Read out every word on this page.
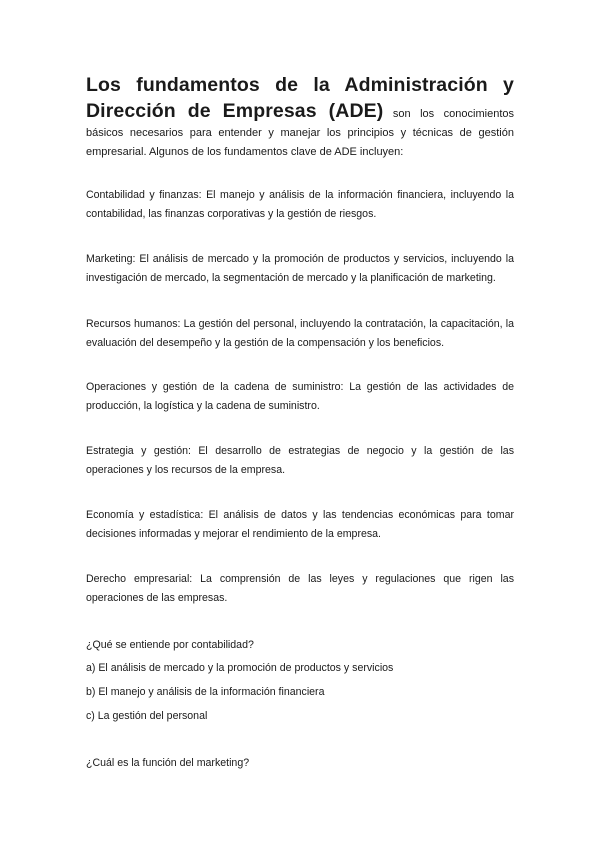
Los fundamentos de la Administración y Dirección de Empresas (ADE) son los conocimientos básicos necesarios para entender y manejar los principios y técnicas de gestión empresarial. Algunos de los fundamentos clave de ADE incluyen:

Contabilidad y finanzas: El manejo y análisis de la información financiera, incluyendo la contabilidad, las finanzas corporativas y la gestión de riesgos.

Marketing: El análisis de mercado y la promoción de productos y servicios, incluyendo la investigación de mercado, la segmentación de mercado y la planificación de marketing.

Recursos humanos: La gestión del personal, incluyendo la contratación, la capacitación, la evaluación del desempeño y la gestión de la compensación y los beneficios.

Operaciones y gestión de la cadena de suministro: La gestión de las actividades de producción, la logística y la cadena de suministro.

Estrategia y gestión: El desarrollo de estrategias de negocio y la gestión de las operaciones y los recursos de la empresa.

Economía y estadística: El análisis de datos y las tendencias económicas para tomar decisiones informadas y mejorar el rendimiento de la empresa.

Derecho empresarial: La comprensión de las leyes y regulaciones que rigen las operaciones de las empresas.

¿Qué se entiende por contabilidad?

a) El análisis de mercado y la promoción de productos y servicios

b) El manejo y análisis de la información financiera

c) La gestión del personal

¿Cuál es la función del marketing?
